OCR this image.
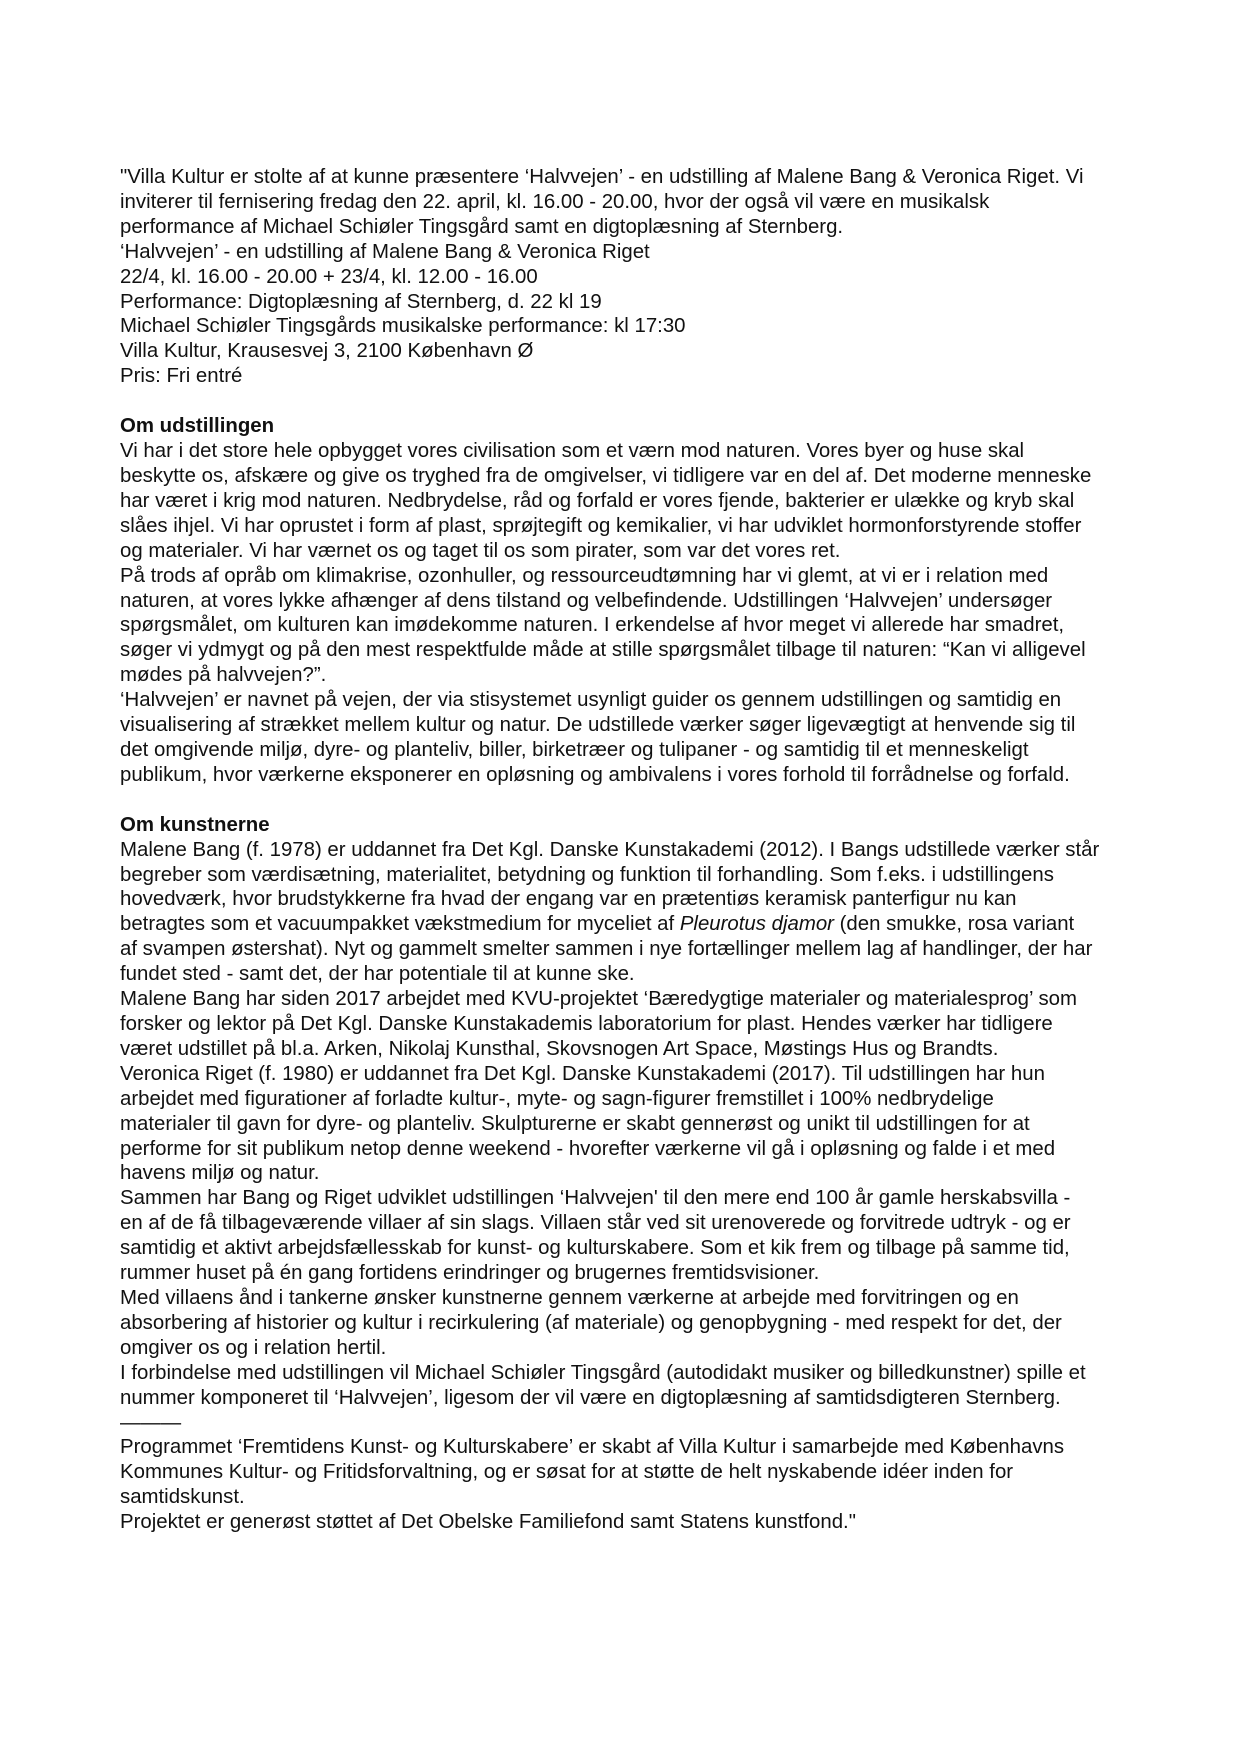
"Villa Kultur er stolte af at kunne præsentere ‘Halvvejen’ - en udstilling af Malene Bang & Veronica Riget. Vi
inviterer til fernisering fredag den 22. april, kl. 16.00 - 20.00, hvor der også vil være en musikalsk
performance af Michael Schiøler Tingsgård samt en digtoplæsning af Sternberg.

‘Halvvejen’ - en udstilling af Malene Bang & Veronica Riget

22/4, kl. 16.00 - 20.00 + 23/4, kl. 12.00 - 16.00

Performance: Digtoplæsning af Sternberg, d. 22 kl 19

Michael Schiøler Tingsgårds musikalske performance: kl 17:30

Villa Kultur, Krausesvej 3, 2100 København Ø

Pris: Fri entré

Om udstillingen

Vi har i det store hele opbygget vores civilisation som et værn mod naturen. Vores byer og huse skal
beskytte os, afskære og give os tryghed fra de omgivelser, vi tidligere var en del af. Det moderne menneske
har været i krig mod naturen. Nedbrydelse, råd og forfald er vores fjende, bakterier er ulække og kryb skal
slåes ihjel. Vi har oprustet i form af plast, sprøjtegift og kemikalier, vi har udviklet hormonforstyrende stoffer
og materialer. Vi har værnet os og taget til os som pirater, som var det vores ret.

På trods af opråb om klimakrise, ozonhuller, og ressourceudtømning har vi glemt, at vi er i relation med
naturen, at vores lykke afhænger af dens tilstand og velbefindende. Udstillingen ‘Halvvejen’ undersøger
spørgsmålet, om kulturen kan imødekomme naturen. I erkendelse af hvor meget vi allerede har smadret,
søger vi ydmygt og på den mest respektfulde måde at stille spørgsmålet tilbage til naturen: “Kan vi alligevel
mødes på halvvejen?”.

‘Halvvejen’ er navnet på vejen, der via stisystemet usynligt guider os gennem udstillingen og samtidig en
visualisering af strækket mellem kultur og natur. De udstillede værker søger ligevægtigt at henvende sig til
det omgivende miljø, dyre- og planteliv, biller, birketræer og tulipaner - og samtidig til et menneskeligt
publikum, hvor værkerne eksponerer en opløsning og ambivalens i vores forhold til forrådnelse og forfald.

Om kunstnerne

Malene Bang (f. 1978) er uddannet fra Det Kgl. Danske Kunstakademi (2012). I Bangs udstillede værker står
begreber som værdisætning, materialitet, betydning og funktion til forhandling. Som f.eks. i udstillingens
hovedværk, hvor brudstykkerne fra hvad der engang var en prætentiøs keramisk panterfigur nu kan
betragtes som et vacuumpakket vækstmedium for myceliet af Pleurotus djamor (den smukke, rosa variant
af svampen østershat). Nyt og gammelt smelter sammen i nye fortællinger mellem lag af handlinger, der har
fundet sted - samt det, der har potentiale til at kunne ske.

Malene Bang har siden 2017 arbejdet med KVU-projektet ‘Bæredygtige materialer og materialesprog’ som
forsker og lektor på Det Kgl. Danske Kunstakademis laboratorium for plast. Hendes værker har tidligere
været udstillet på bl.a. Arken, Nikolaj Kunsthal, Skovsnogen Art Space, Møstings Hus og Brandts.

Veronica Riget (f. 1980) er uddannet fra Det Kgl. Danske Kunstakademi (2017). Til udstillingen har hun
arbejdet med figurationer af forladte kultur-, myte- og sagn-figurer fremstillet i 100% nedbrydelige
materialer til gavn for dyre- og planteliv. Skulpturerne er skabt gennerøst og unikt til udstillingen for at
performe for sit publikum netop denne weekend - hvorefter værkerne vil gå i opløsning og falde i et med
havens miljø og natur.

Sammen har Bang og Riget udviklet udstillingen ‘Halvvejen' til den mere end 100 år gamle herskabsvilla -
en af de få tilbageværende villaer af sin slags. Villaen står ved sit urenoverede og forvitrede udtryk - og er
samtidig et aktivt arbejdsfællesskab for kunst- og kulturskabere. Som et kik frem og tilbage på samme tid,
rummer huset på én gang fortidens erindringer og brugernes fremtidsvisioner.

Med villaens ånd i tankerne ønsker kunstnerne gennem værkerne at arbejde med forvitringen og en
absorbering af historier og kultur i recirkulering (af materiale) og genopbygning - med respekt for det, der
omgiver os og i relation hertil.

I forbindelse med udstillingen vil Michael Schiøler Tingsgård (autodidakt musiker og billedkunstner) spille et
nummer komponeret til ‘Halvvejen’, ligesom der vil være en digtoplæsning af samtidsdigteren Sternberg.

———

Programmet ‘Fremtidens Kunst- og Kulturskabere’ er skabt af Villa Kultur i samarbejde med Københavns
Kommunes Kultur- og Fritidsforvaltning, og er søsat for at støtte de helt nyskabende idéer inden for
samtidskunst.

Projektet er generøst støttet af Det Obelske Familiefond samt Statens kunstfond."
